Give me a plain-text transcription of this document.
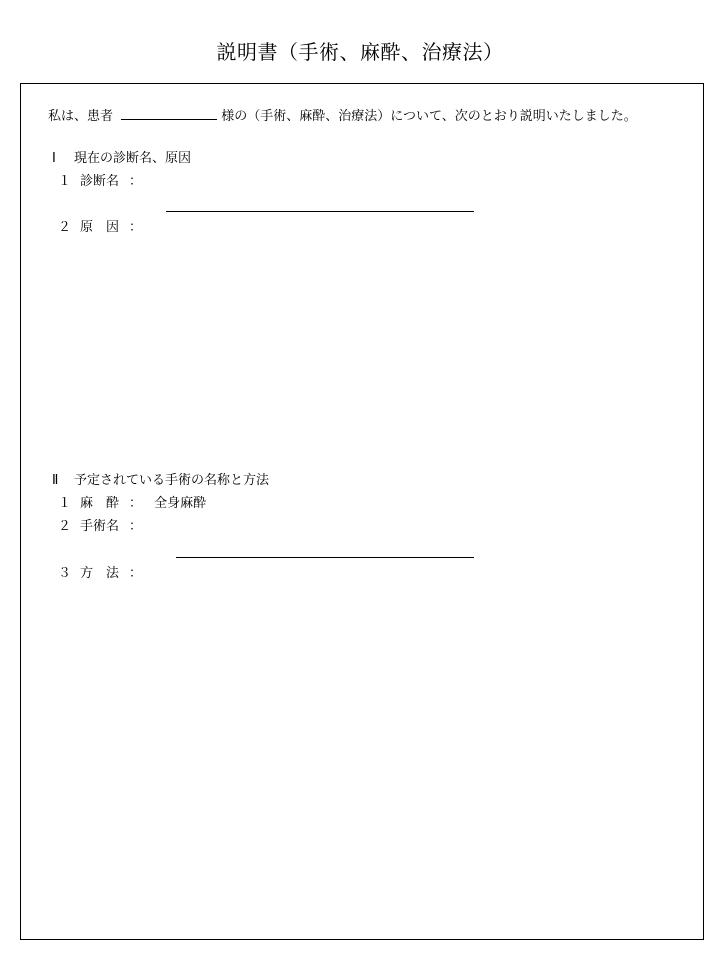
説明書（手術、麻酔、治療法）
私は、患者	様の（手術、麻酔、治療法）について、次のとおり説明いたしました。
Ⅰ 現在の診断名、原因
１ 診断名 ：
２ 原　因 ：
Ⅱ 予定されている手術の名称と方法
１ 麻　酔 ： 全身麻酔
２ 手術名 ：
３ 方　法 ：
